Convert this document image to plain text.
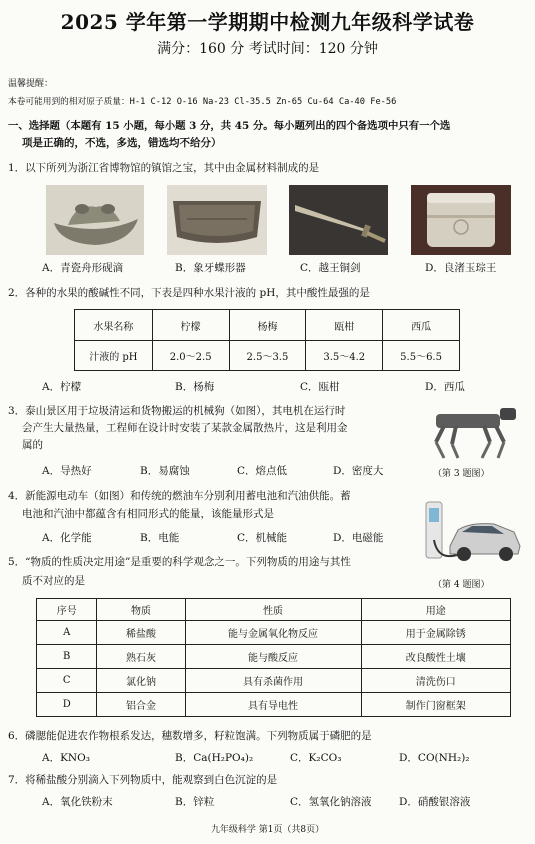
2025 学年第一学期期中检测九年级科学试卷
满分：160 分 考试时间：120 分钟
温馨提醒：
本卷可能用到的相对原子质量：H-1 C-12 O-16 Na-23 Cl-35.5 Zn-65 Cu-64 Ca-40 Fe-56
一、选择题（本题有 15 小题，每小题 3 分，共 45 分。每小题列出的四个备选项中只有一个选
项是正确的，不选，多选，错选均不给分）
1．以下所列为浙江省博物馆的镇馆之宝，其中由金属材料制成的是
A．青瓷舟形砚滴	B．象牙蝶形器	C．越王铜剑	D．良渚玉琮王
2．各种的水果的酸碱性不同，下表是四种水果汁液的 pH，其中酸性最强的是
水果名称	柠檬	杨梅	瓯柑	西瓜
汁液的 pH	2.0～2.5	2.5～3.5	3.5～4.2	5.5～6.5
A．柠檬	B．杨梅	C．瓯柑	D．西瓜
3．泰山景区用于垃圾清运和货物搬运的机械狗（如图），其电机在运行时
会产生大量热量，工程师在设计时安装了某款金属散热片，这是利用金
属的
A．导热好	B．易腐蚀	C．熔点低	D．密度大	（第 3 题图）
4．新能源电动车（如图）和传统的燃油车分别利用蓄电池和汽油供能。蓄
电池和汽油中都蕴含有相同形式的能量，该能量形式是
A．化学能	B．电能	C．机械能	D．电磁能
5．“物质的性质决定用途”是重要的科学观念之一。下列物质的用途与其性
质不对应的是	（第 4 题图）
序号	物质	性质	用途
A	稀盐酸	能与金属氧化物反应	用于金属除锈
B	熟石灰	能与酸反应	改良酸性土壤
C	氯化钠	具有杀菌作用	清洗伤口
D	铝合金	具有导电性	制作门窗框架
6．磷腮能促进农作物根系发达，穗数增多，籽粒饱满。下列物质属于磷肥的是
A．KNO₃	B．Ca(H₂PO₄)₂	C．K₂CO₃	D．CO(NH₂)₂
7．将稀盐酸分别滴入下列物质中，能观察到白色沉淀的是
A．氧化铁粉末	B．锌粒	C．氢氧化钠溶液	D．硝酸银溶液
九年级科学 第1页（共8页）
